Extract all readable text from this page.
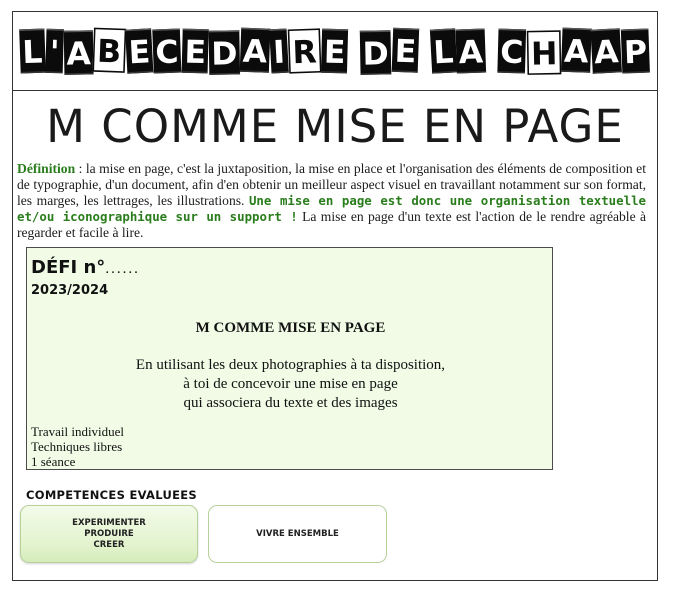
L ' A B E C E D A I R E D E L A C H A A P
M COMME MISE EN PAGE
Définition : la mise en page, c'est la juxtaposition, la mise en place et l'organisation des éléments de composition et de typographie, d'un document, afin d'en obtenir un meilleur aspect visuel en travaillant notamment sur son format, les marges, les lettrages, les illustrations. Une mise en page est donc une organisation textuelle et/ou iconographique sur un support ! La mise en page d'un texte est l'action de le rendre agréable à regarder et facile à lire.
DÉFI n°......
2023/2024
M COMME MISE EN PAGE
En utilisant les deux photographies à ta disposition,
à toi de concevoir une mise en page
qui associera du texte et des images
Travail individuel
Techniques libres
1 séance
COMPETENCES EVALUEES
EXPERIMENTER
PRODUIRE
CREER
VIVRE ENSEMBLE
